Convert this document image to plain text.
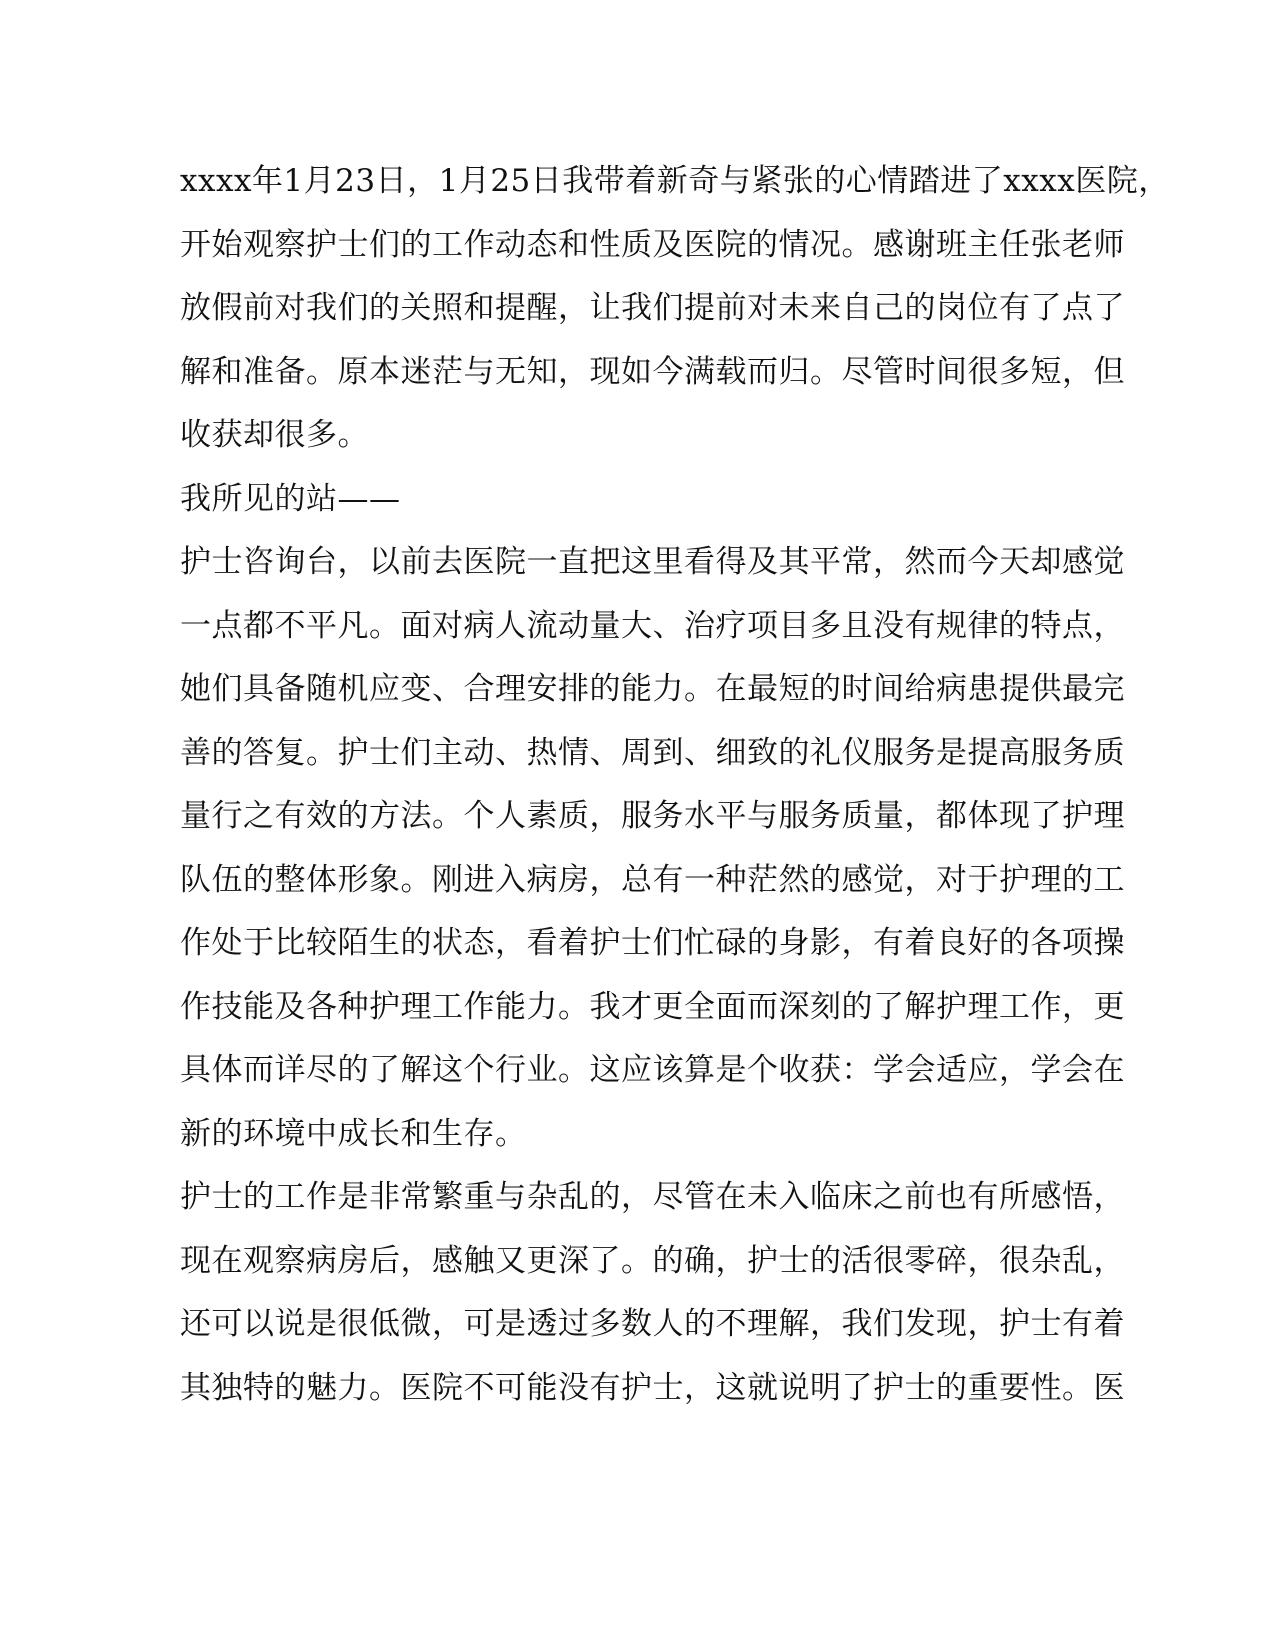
xxxx年1月23日，1月25日我带着新奇与紧张的心情踏进了xxxx医院，
开始观察护士们的工作动态和性质及医院的情况。感谢班主任张老师
放假前对我们的关照和提醒，让我们提前对未来自己的岗位有了点了
解和准备。原本迷茫与无知，现如今满载而归。尽管时间很多短，但
收获却很多。
我所见的站——
护士咨询台，以前去医院一直把这里看得及其平常，然而今天却感觉
一点都不平凡。面对病人流动量大、治疗项目多且没有规律的特点，
她们具备随机应变、合理安排的能力。在最短的时间给病患提供最完
善的答复。护士们主动、热情、周到、细致的礼仪服务是提高服务质
量行之有效的方法。个人素质，服务水平与服务质量，都体现了护理
队伍的整体形象。刚进入病房，总有一种茫然的感觉，对于护理的工
作处于比较陌生的状态，看着护士们忙碌的身影，有着良好的各项操
作技能及各种护理工作能力。我才更全面而深刻的了解护理工作，更
具体而详尽的了解这个行业。这应该算是个收获：学会适应，学会在
新的环境中成长和生存。
护士的工作是非常繁重与杂乱的，尽管在未入临床之前也有所感悟，
现在观察病房后，感触又更深了。的确，护士的活很零碎，很杂乱，
还可以说是很低微，可是透过多数人的不理解，我们发现，护士有着
其独特的魅力。医院不可能没有护士，这就说明了护士的重要性。医
